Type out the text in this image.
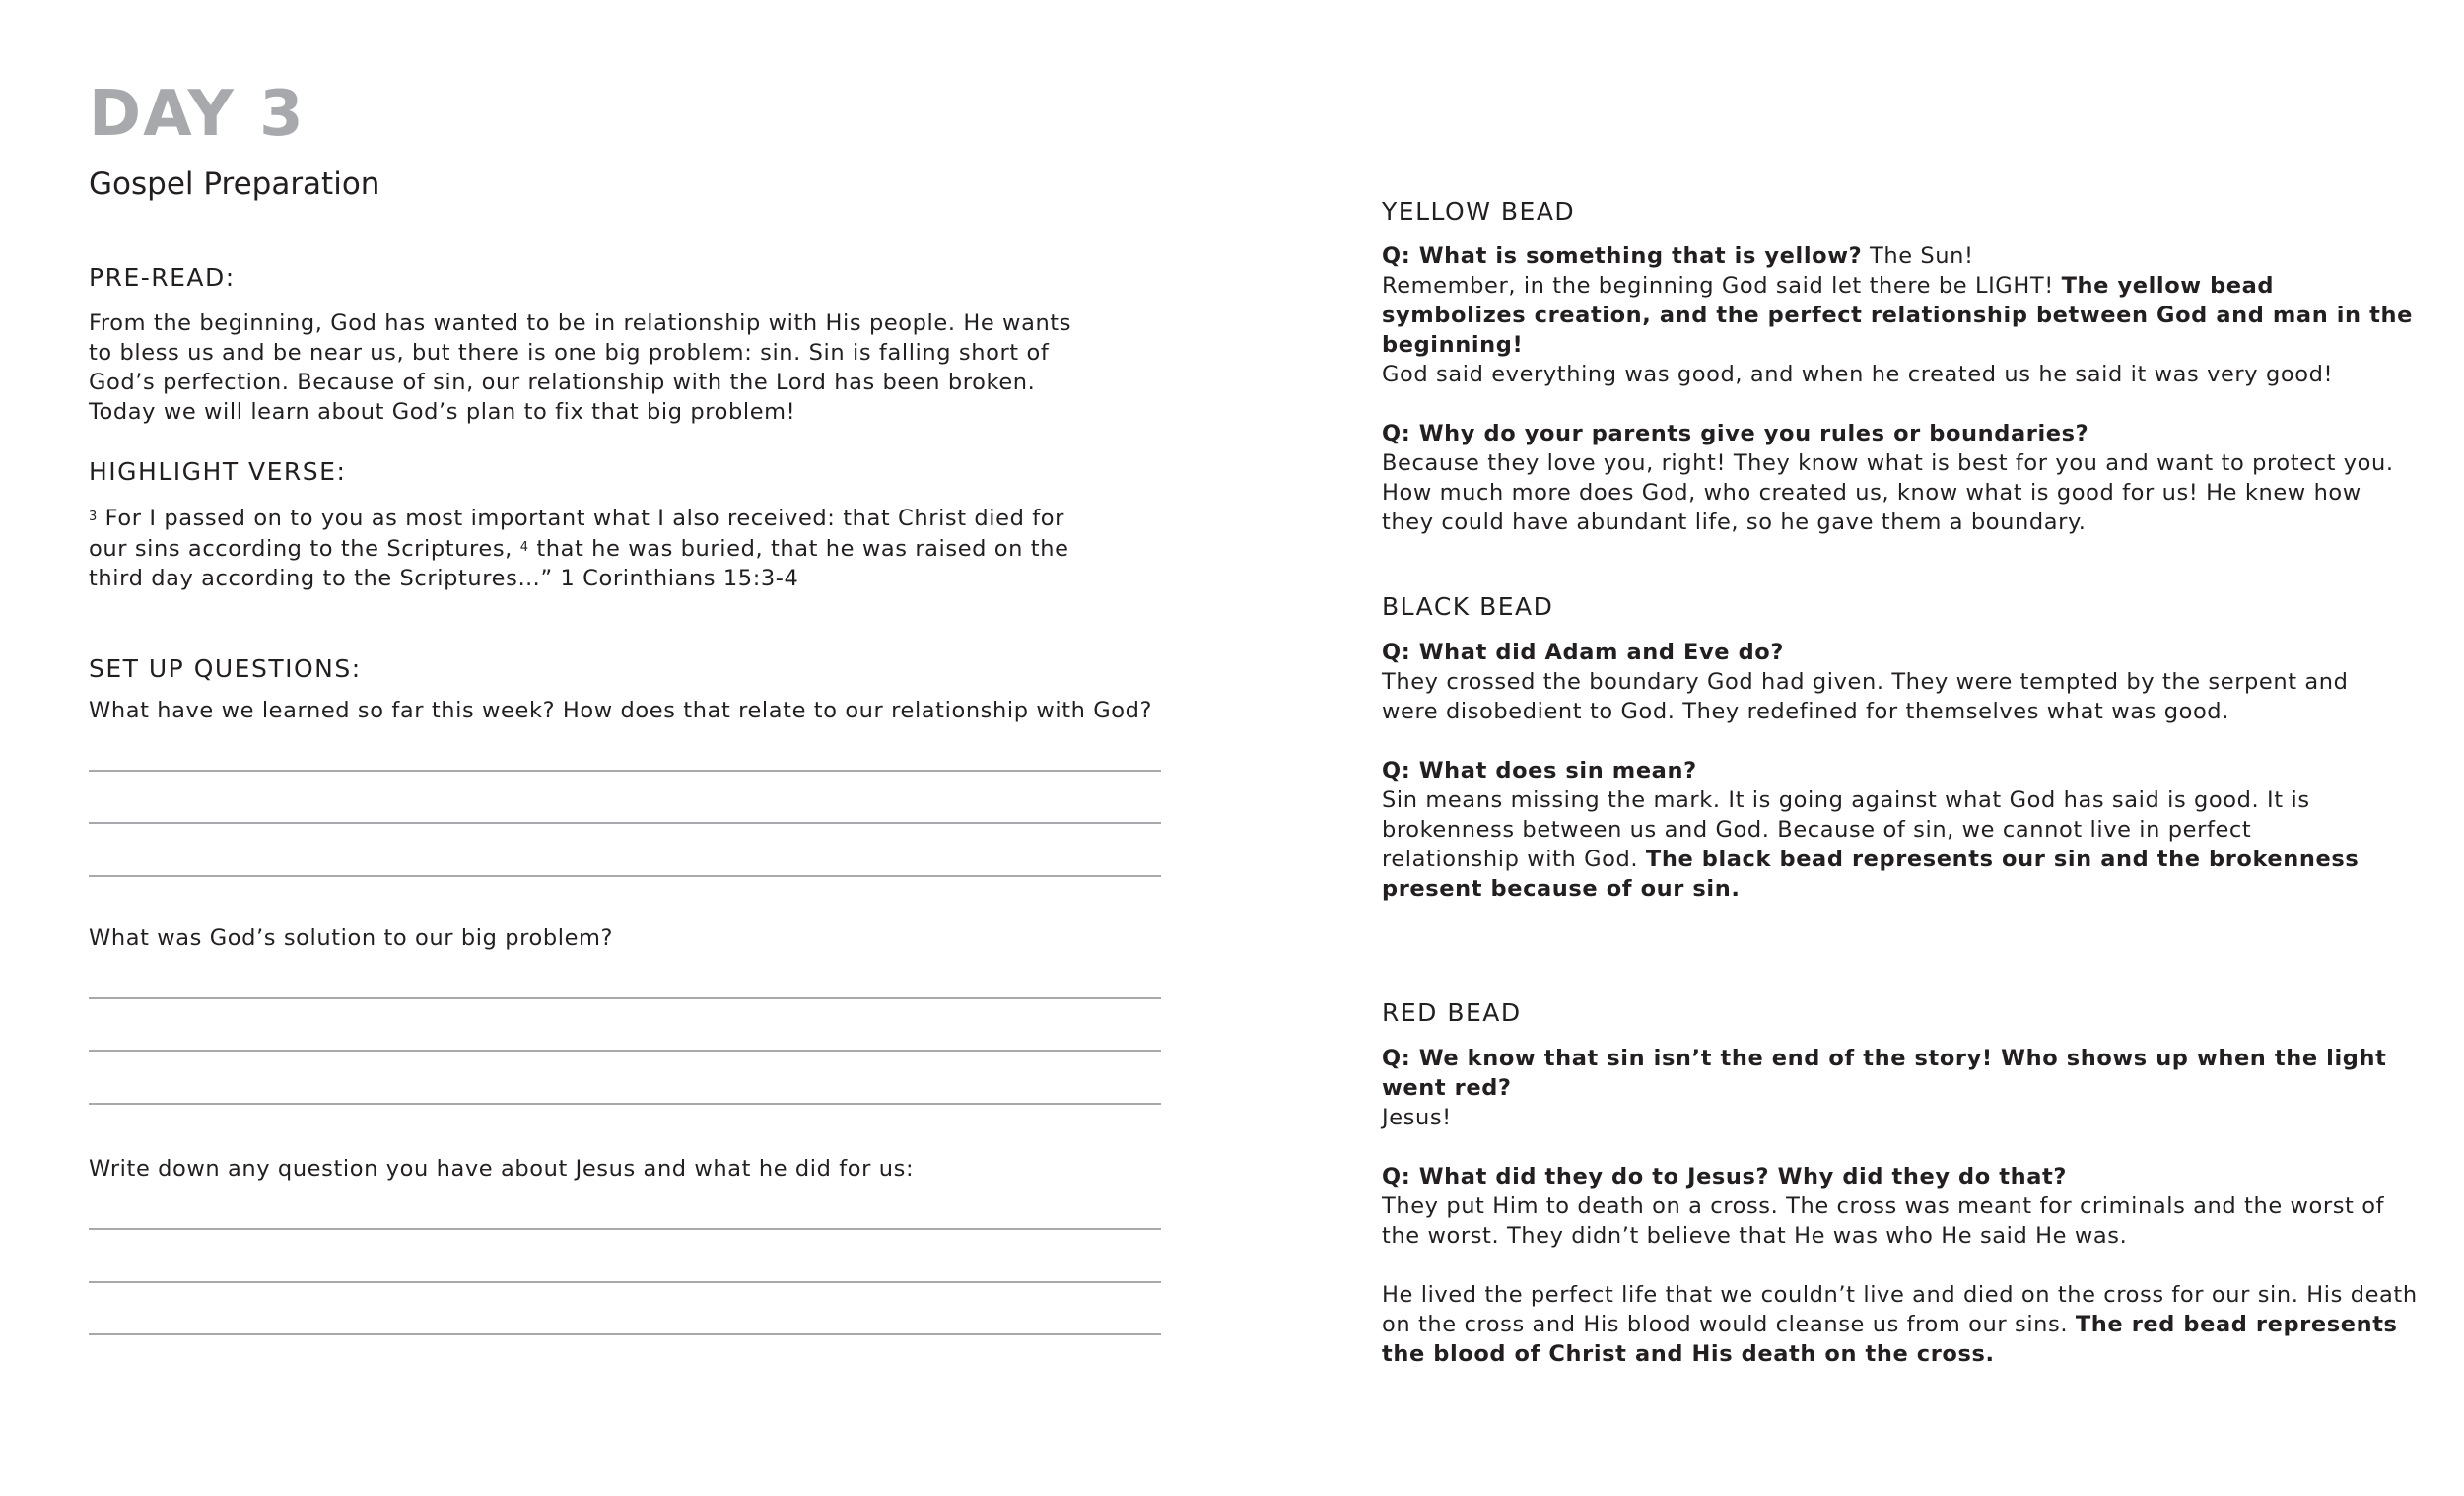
DAY 3
Gospel Preparation
PRE-READ:

From the beginning, God has wanted to be in relationship with His people. He wants to bless us and be near us, but there is one big problem: sin. Sin is falling short of God’s perfection. Because of sin, our relationship with the Lord has been broken. Today we will learn about God’s plan to fix that big problem!

HIGHLIGHT VERSE:

$^3$ For I passed on to you as most important what I also received: that Christ died for our sins according to the Scriptures, $^4$ that he was buried, that he was raised on the third day according to the Scriptures…” 1 Corinthians 15:3-4

SET UP QUESTIONS:

What have we learned so far this week? How does that relate to our relationship with God?

What was God’s solution to our big problem?

Write down any question you have about Jesus and what he did for us:

YELLOW BEAD

Q: What is something that is yellow? The Sun!

Remember, in the beginning God said let there be LIGHT! The yellow bead symbolizes creation, and the perfect relationship between God and man in the beginning!

God said everything was good, and when he created us he said it was very good!

Q: Why do your parents give you rules or boundaries?

Because they love you, right! They know what is best for you and want to protect you. How much more does God, who created us, know what is good for us! He knew how they could have abundant life, so he gave them a boundary.

BLACK BEAD

Q: What did Adam and Eve do?

They crossed the boundary God had given. They were tempted by the serpent and were disobedient to God. They redefined for themselves what was good.

Q: What does sin mean?

Sin means missing the mark. It is going against what God has said is good. It is brokenness between us and God. Because of sin, we cannot live in perfect relationship with God. The black bead represents our sin and the brokenness present because of our sin.

RED BEAD

Q: We know that sin isn’t the end of the story! Who shows up when the light went red?

Jesus!

Q: What did they do to Jesus? Why did they do that?

They put Him to death on a cross. The cross was meant for criminals and the worst of the worst. They didn’t believe that He was who He said He was.

He lived the perfect life that we couldn’t live and died on the cross for our sin. His death on the cross and His blood would cleanse us from our sins. The red bead represents the blood of Christ and His death on the cross.
